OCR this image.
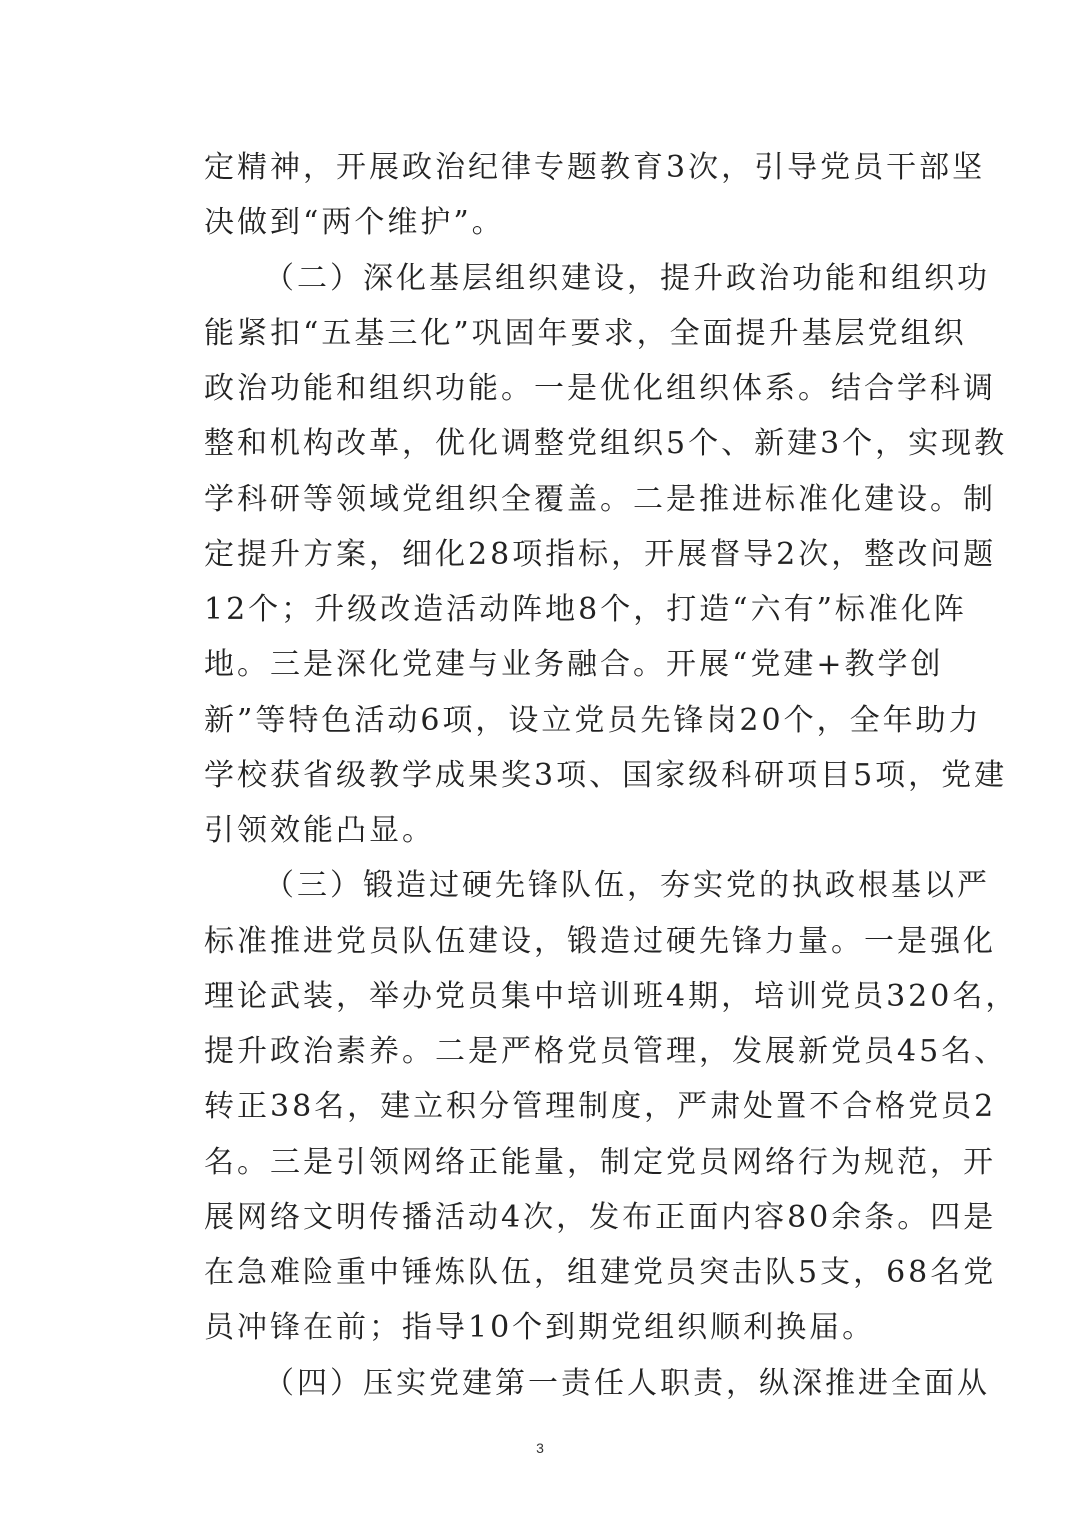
定精神，开展政治纪律专题教育3次，引导党员干部坚
决做到“两个维护”。
（二）深化基层组织建设，提升政治功能和组织功
能紧扣“五基三化”巩固年要求，全面提升基层党组织
政治功能和组织功能。一是优化组织体系。结合学科调
整和机构改革，优化调整党组织5个、新建3个，实现教
学科研等领域党组织全覆盖。二是推进标准化建设。制
定提升方案，细化28项指标，开展督导2次，整改问题
12个；升级改造活动阵地8个，打造“六有”标准化阵
地。三是深化党建与业务融合。开展“党建+教学创
新”等特色活动6项，设立党员先锋岗20个，全年助力
学校获省级教学成果奖3项、国家级科研项目5项，党建
引领效能凸显。
（三）锻造过硬先锋队伍，夯实党的执政根基以严
标准推进党员队伍建设，锻造过硬先锋力量。一是强化
理论武装，举办党员集中培训班4期，培训党员320名，
提升政治素养。二是严格党员管理，发展新党员45名、
转正38名，建立积分管理制度，严肃处置不合格党员2
名。三是引领网络正能量，制定党员网络行为规范，开
展网络文明传播活动4次，发布正面内容80余条。四是
在急难险重中锤炼队伍，组建党员突击队5支，68名党
员冲锋在前；指导10个到期党组织顺利换届。
（四）压实党建第一责任人职责，纵深推进全面从
3
